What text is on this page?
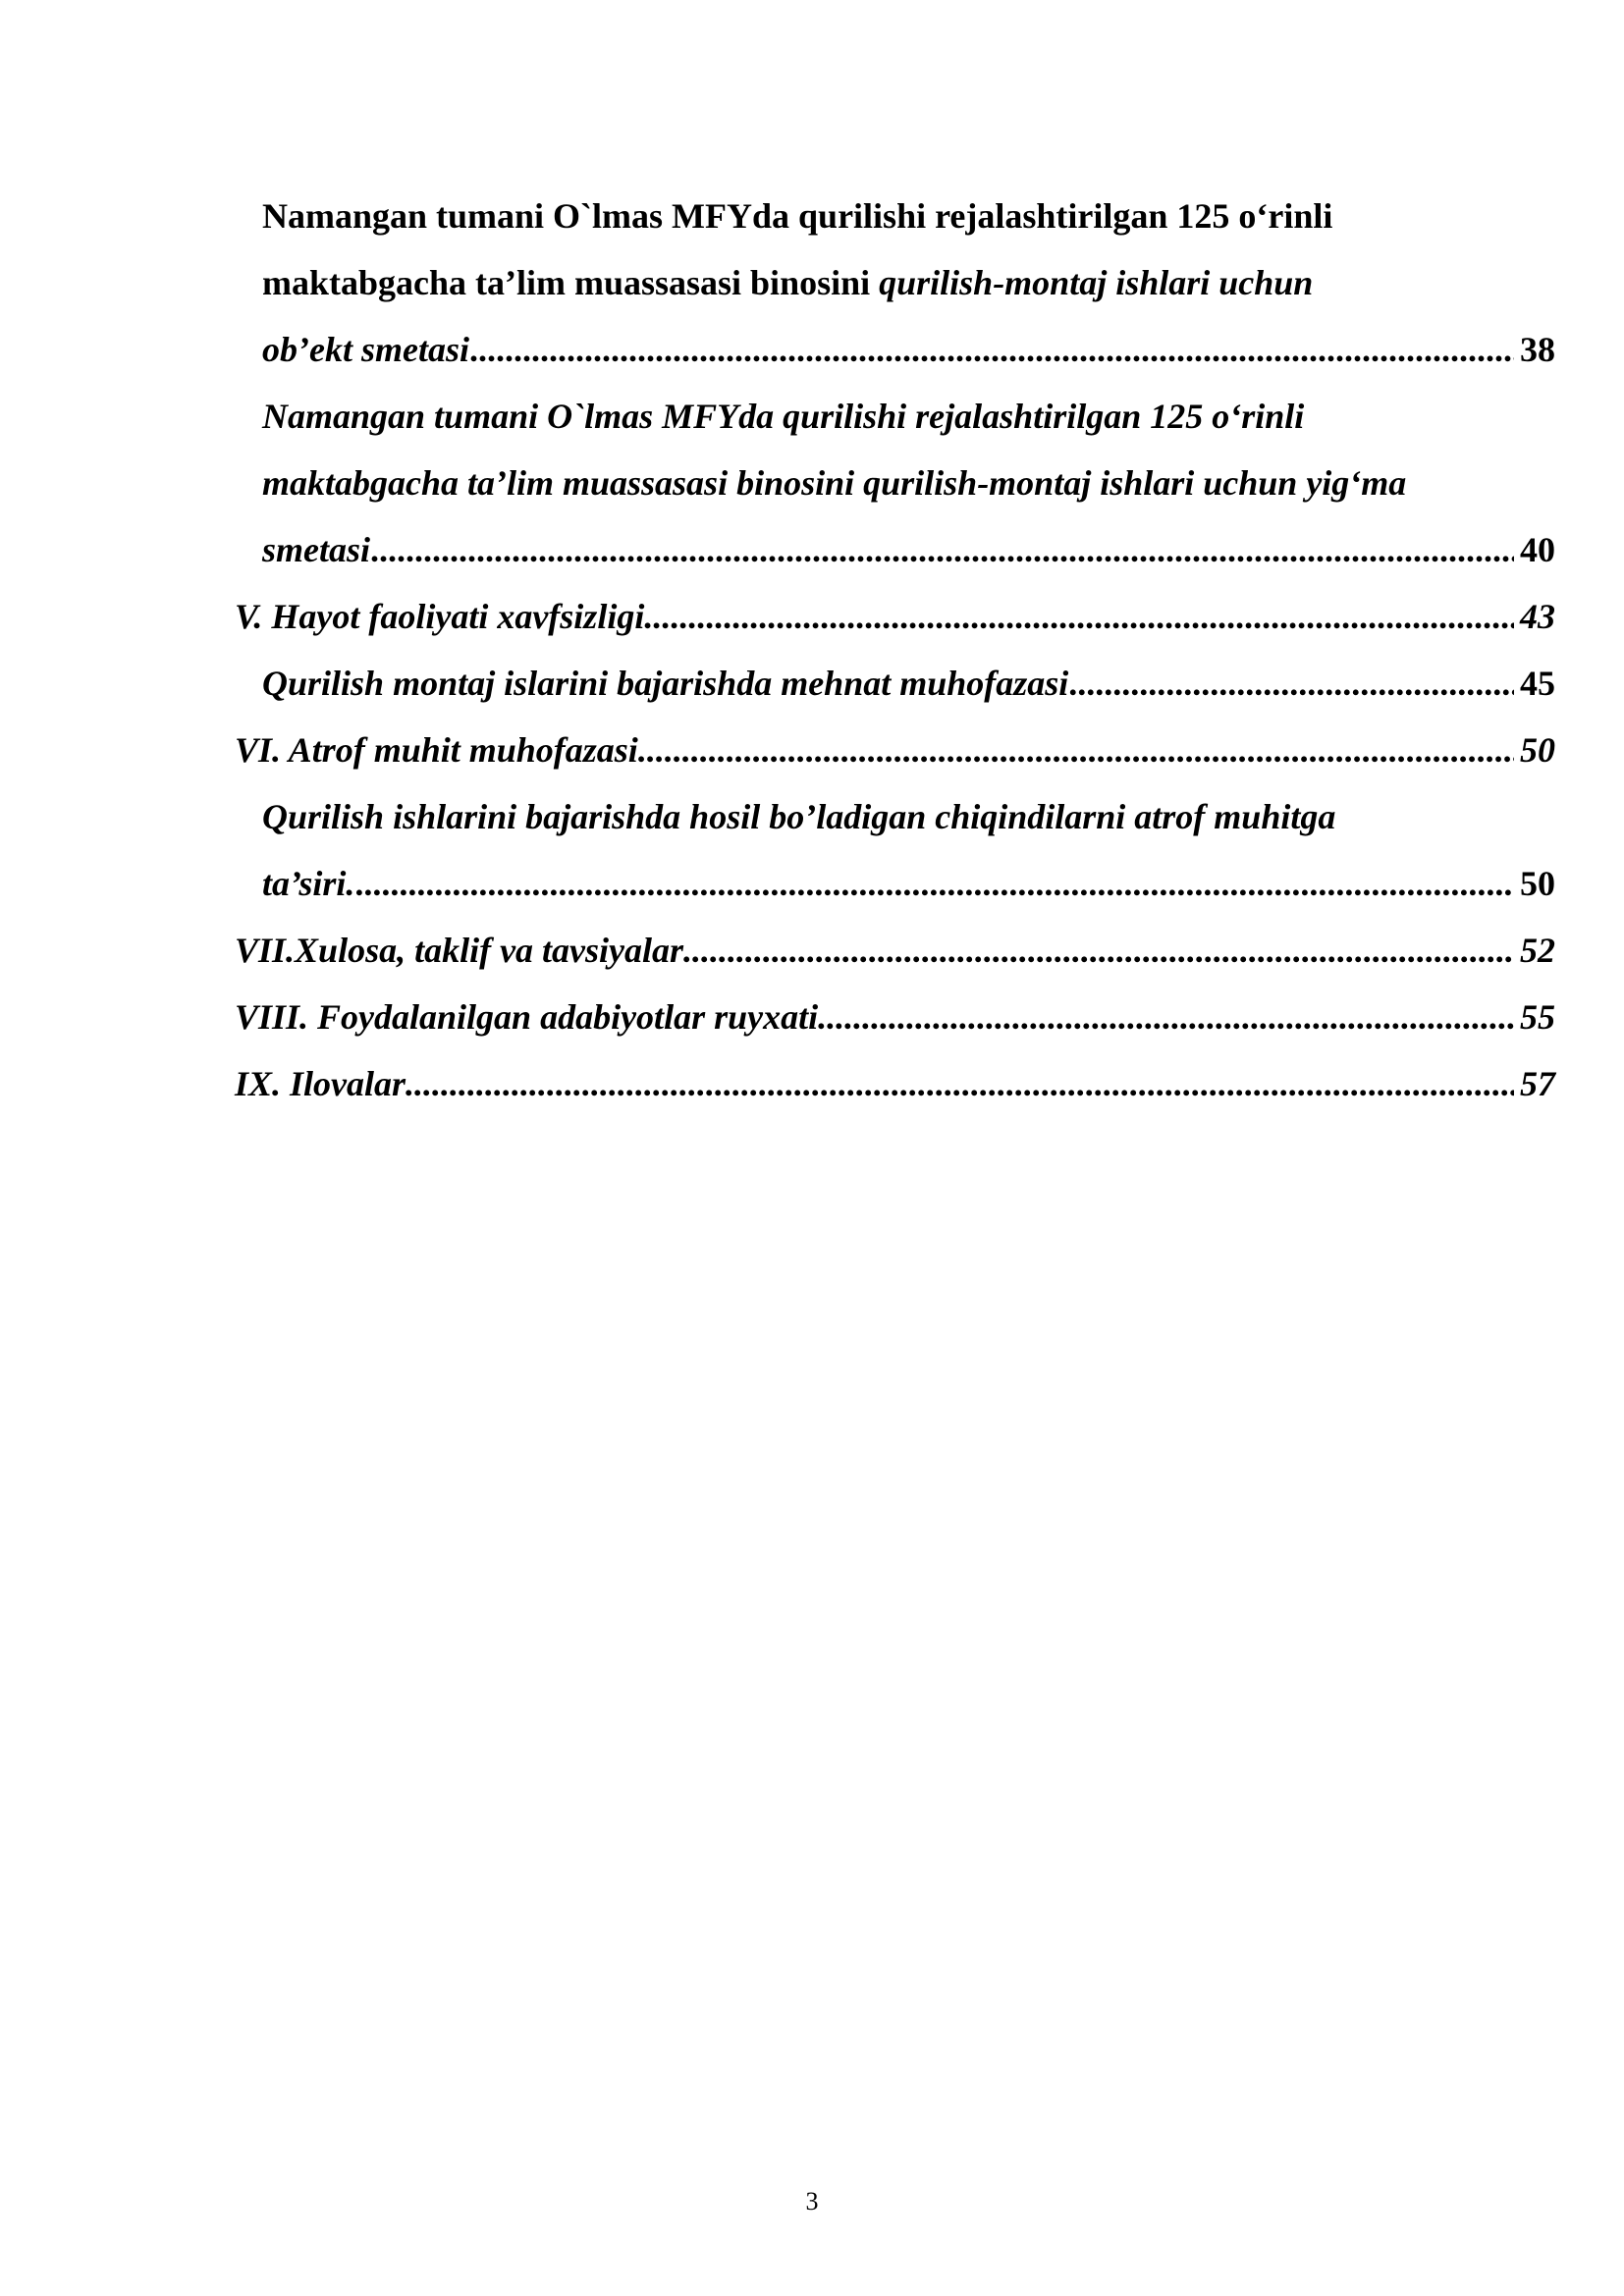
Namangan tumani O`lmas MFYda qurilishi rejalashtirilgan 125 o‘rinli
maktabgacha ta’lim muassasasi binosini qurilish-montaj ishlari uchun
ob’ekt smetasi .....	38
Namangan tumani O`lmas MFYda qurilishi rejalashtirilgan 125 o‘rinli
maktabgacha ta’lim muassasasi binosini qurilish-montaj ishlari uchun yig‘ma
smetasi .....	40
V. Hayot faoliyati xavfsizligi .....	43
Qurilish montaj islarini bajarishda mehnat muhofazasi .....	45
VI. Atrof muhit muhofazasi .....	50
Qurilish ishlarini bajarishda hosil bo’ladigan chiqindilarni atrof muhitga
ta’siri. .....	50
VII.Xulosa, taklif va tavsiyalar .....	52
VIII. Foydalanilgan adabiyotlar ruyxati .....	55
IX. Ilovalar .....	57
3
